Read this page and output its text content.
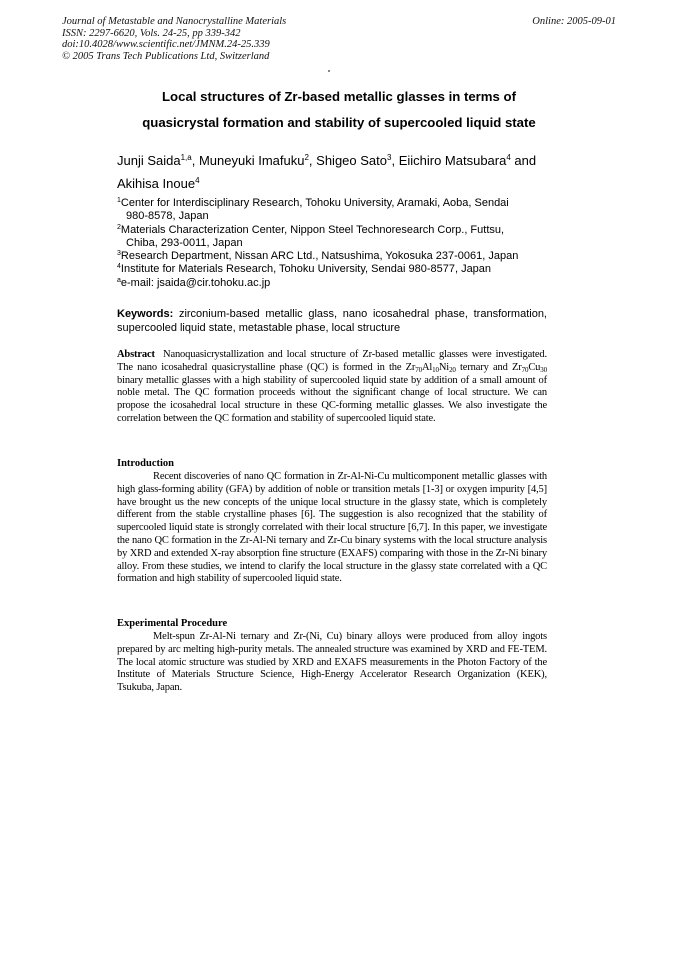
Journal of Metastable and Nanocrystalline Materials
ISSN: 2297-6620, Vols. 24-25, pp 339-342
doi:10.4028/www.scientific.net/JMNM.24-25.339
© 2005 Trans Tech Publications Ltd, Switzerland
Online: 2005-09-01
Local structures of Zr-based metallic glasses in terms of
quasicrystal formation and stability of supercooled liquid state
Junji Saida$^{1,a}$, Muneyuki Imafuku$^2$, Shigeo Sato$^3$, Eiichiro Matsubara$^4$ and
Akihisa Inoue$^4$
$^1$Center for Interdisciplinary Research, Tohoku University, Aramaki, Aoba, Sendai
980-8578, Japan
$^2$Materials Characterization Center, Nippon Steel Technoresearch Corp., Futtsu,
Chiba, 293-0011, Japan
$^3$Research Department, Nissan ARC Ltd., Natsushima, Yokosuka 237-0061, Japan
$^4$Institute for Materials Research, Tohoku University, Sendai 980-8577, Japan
$^a$e-mail: jsaida@cir.tohoku.ac.jp
Keywords: zirconium-based metallic glass, nano icosahedral phase, transformation, supercooled liquid state, metastable phase, local structure
Abstract Nanoquasicrystallization and local structure of Zr-based metallic glasses were investigated. The nano icosahedral quasicrystalline phase (QC) is formed in the $Zr_{70}Al_{10}Ni_{20}$ ternary and $Zr_{70}Cu_{30}$ binary metallic glasses with a high stability of supercooled liquid state by addition of a small amount of noble metal. The QC formation proceeds without the significant change of local structure. We can propose the icosahedral local structure in these QC-forming metallic glasses. We also investigate the correlation between the QC formation and stability of supercooled liquid state.
Introduction
Recent discoveries of nano QC formation in Zr-Al-Ni-Cu multicomponent metallic glasses with high glass-forming ability (GFA) by addition of noble or transition metals [1-3] or oxygen impurity [4,5] have brought us the new concepts of the unique local structure in the glassy state, which is completely different from the stable crystalline phases [6]. The suggestion is also recognized that the stability of supercooled liquid state is strongly correlated with their local structure [6,7]. In this paper, we investigate the nano QC formation in the Zr-Al-Ni ternary and Zr-Cu binary systems with the local structure analysis by XRD and extended X-ray absorption fine structure (EXAFS) comparing with those in the Zr-Ni binary alloy. From these studies, we intend to clarify the local structure in the glassy state correlated with a QC formation and high stability of supercooled liquid state.
Experimental Procedure
Melt-spun Zr-Al-Ni ternary and Zr-(Ni, Cu) binary alloys were produced from alloy ingots prepared by arc melting high-purity metals. The annealed structure was examined by XRD and FE-TEM. The local atomic structure was studied by XRD and EXAFS measurements in the Photon Factory of the Institute of Materials Structure Science, High-Energy Accelerator Research Organization (KEK), Tsukuba, Japan.
